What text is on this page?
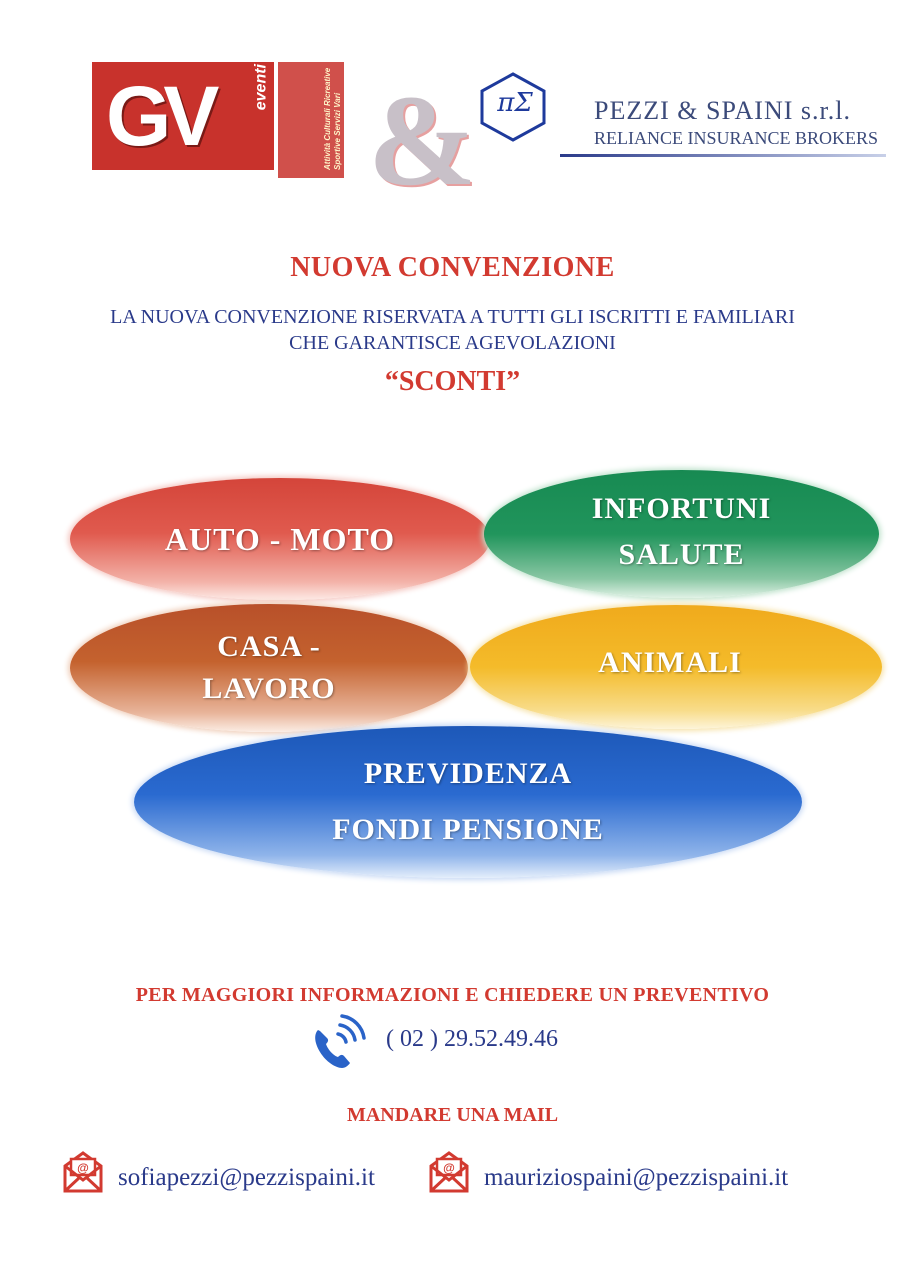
GV	eventi	Attività Culturali Ricreative Sportive Servizi Vari & πΣ PEZZI & SPAINI s.r.l.
RELIANCE INSURANCE BROKERS
NUOVA CONVENZIONE
LA NUOVA CONVENZIONE RISERVATA A TUTTI GLI ISCRITTI E FAMILIARI
CHE GARANTISCE AGEVOLAZIONI
“SCONTI”
AUTO - MOTO
INFORTUNI
SALUTE
CASA -
LAVORO
ANIMALI
PREVIDENZA
FONDI PENSIONE
PER MAGGIORI INFORMAZIONI E CHIEDERE UN PREVENTIVO
( 02 ) 29.52.49.46
MANDARE UNA MAIL
@ sofiapezzi@pezzispaini.it	@ mauriziospaini@pezzispaini.it
